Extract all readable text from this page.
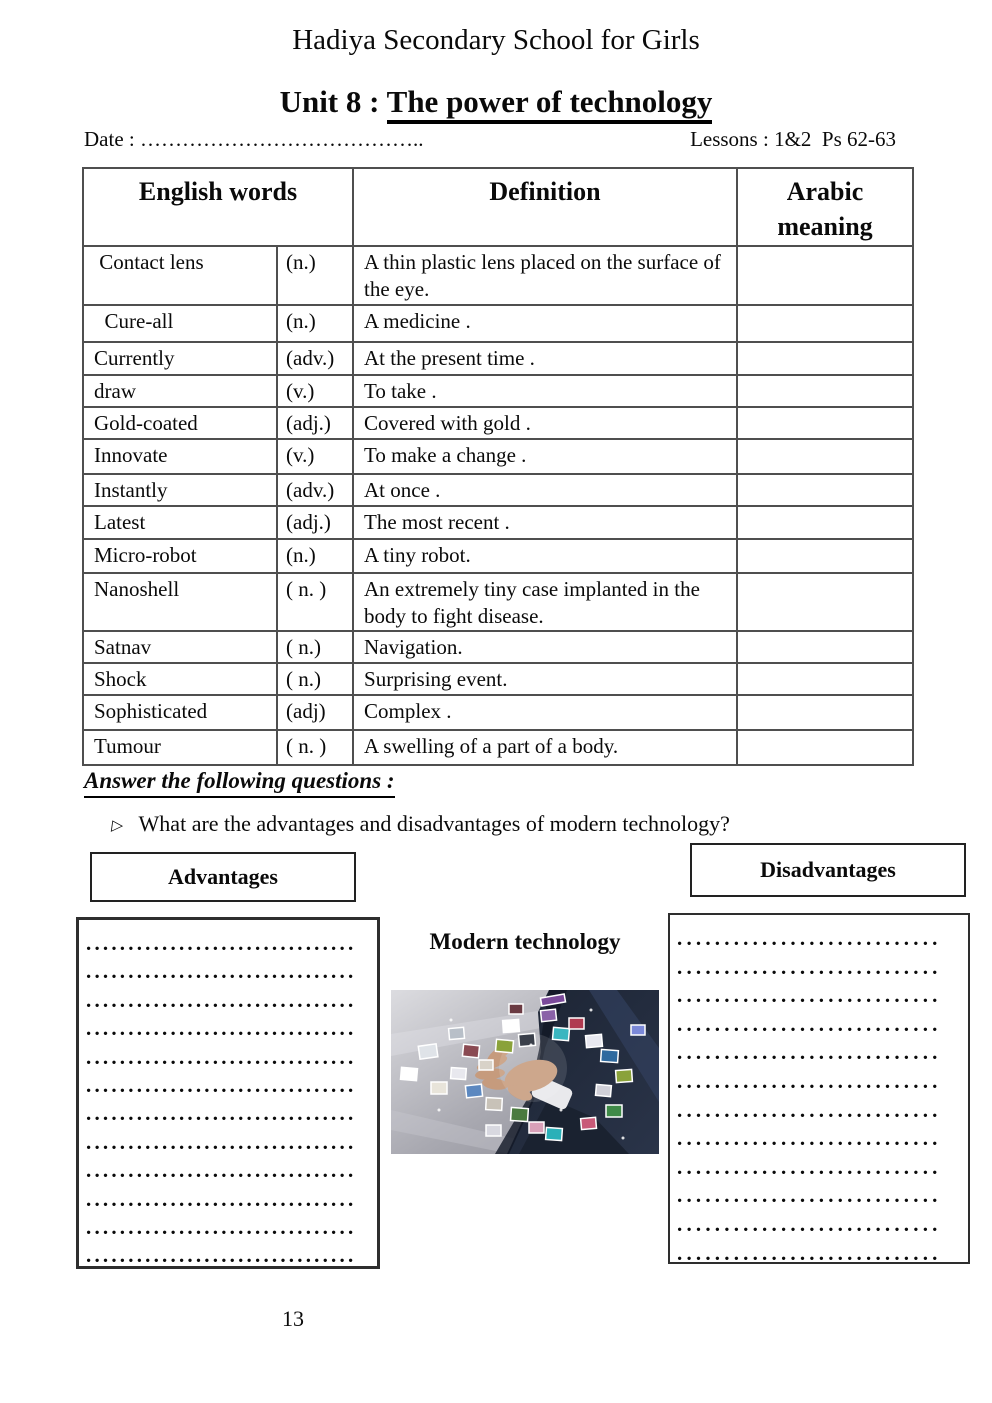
Hadiya Secondary School for Girls
Unit 8 : The power of technology
Date : …………………………………..	Lessons : 1&2  Ps 62-63
English words		Definition	Arabic meaning
Contact lens	(n.)	A thin plastic lens placed on the surface of the eye.	
Cure-all	(n.)	A medicine .	
Currently	(adv.)	At the present time .	
draw	(v.)	To take .	
Gold-coated	(adj.)	Covered with gold .	
Innovate	(v.)	To make a change .	
Instantly	(adv.)	At once .	
Latest	(adj.)	The most recent .	
Micro-robot	(n.)	A tiny robot.	
Nanoshell	( n. )	An extremely tiny case implanted in the body to fight disease.	
Satnav	( n.)	Navigation.	
Shock	( n.)	Surprising event.	
Sophisticated	(adj)	Complex .	
Tumour	( n. )	A swelling of a part of a body.	
Answer the following questions :
▷ What are the advantages and disadvantages of modern technology?
Advantages	Disadvantages
................................
................................
................................
................................
................................
................................
................................
................................
................................
................................
................................
................................
............................
............................
............................
............................
............................
............................
............................
............................
............................
............................
............................
............................
Modern technology
13
